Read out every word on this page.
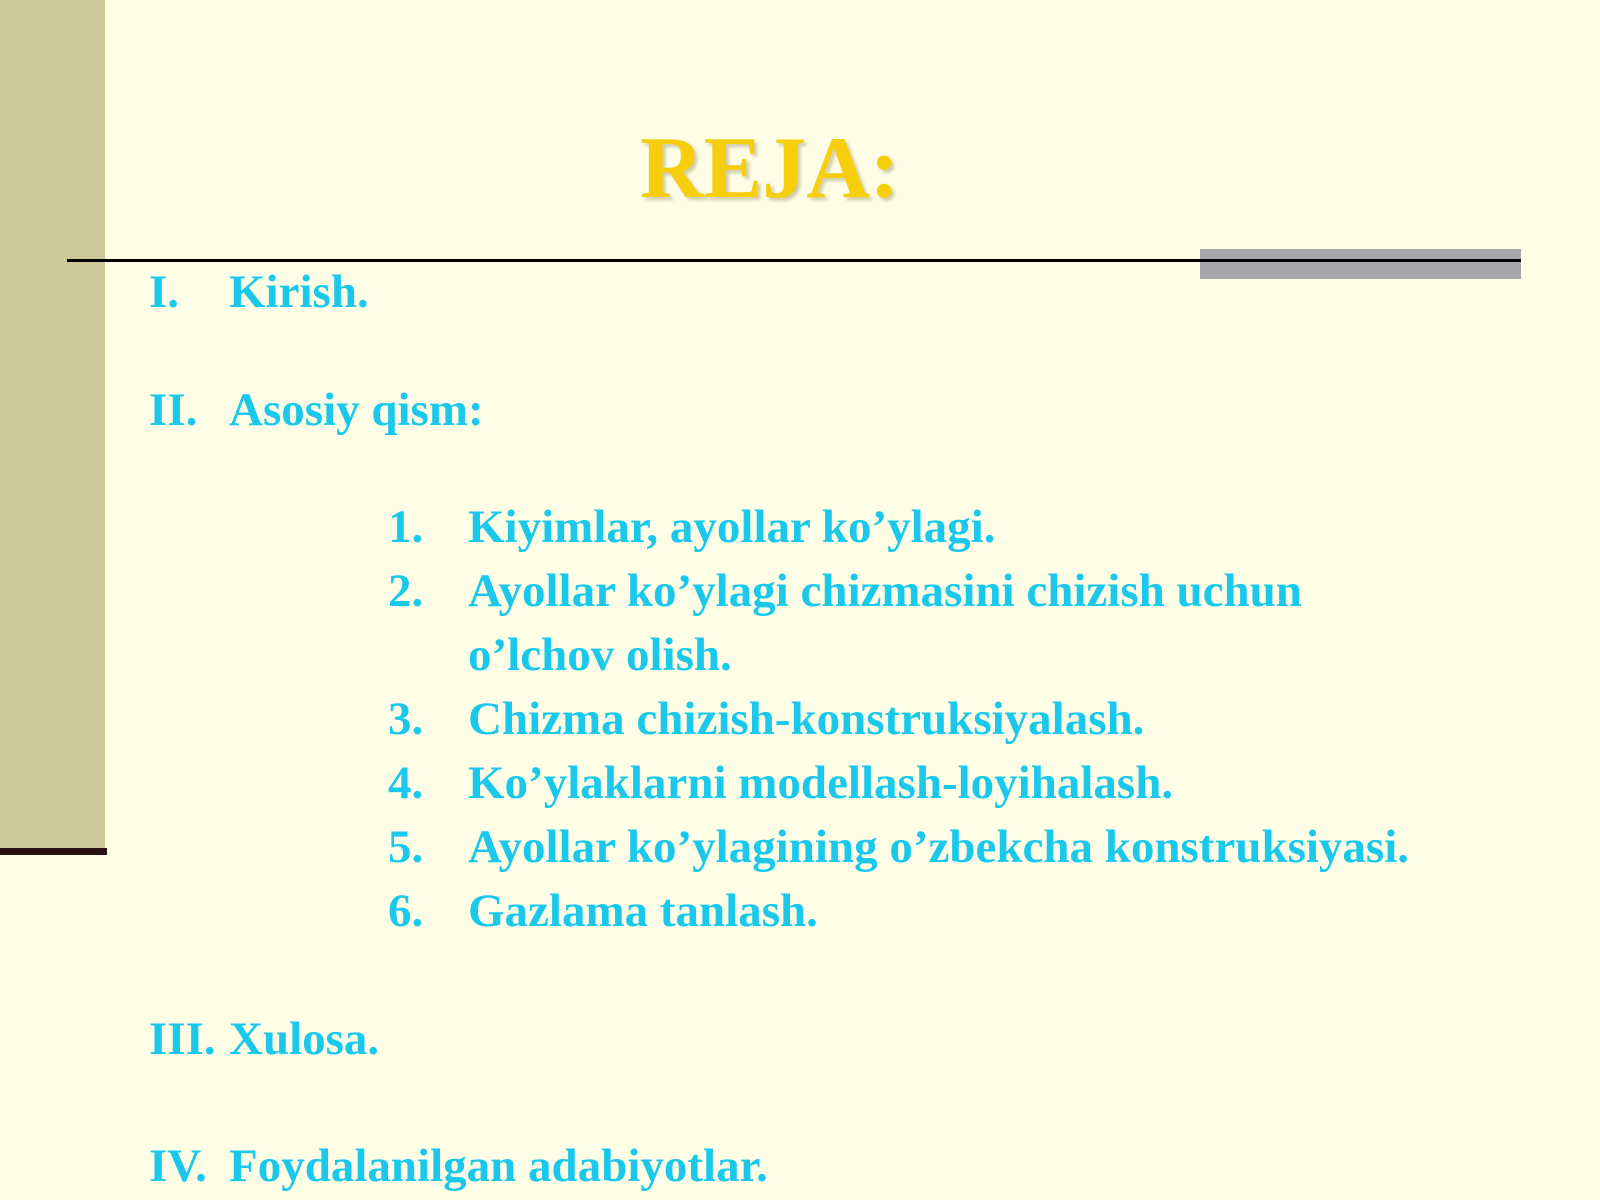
REJA:
I. Kirish.
II. Asosiy qism:
1. Kiyimlar, ayollar ko’ylagi.
2. Ayollar ko’ylagi chizmasini chizish uchun
o’lchov olish.
3. Chizma chizish-konstruksiyalash.
4. Ko’ylaklarni modellash-loyihalash.
5. Ayollar ko’ylagining o’zbekcha konstruksiyasi.
6. Gazlama tanlash.
III. Xulosa.
IV. Foydalanilgan adabiyotlar.
